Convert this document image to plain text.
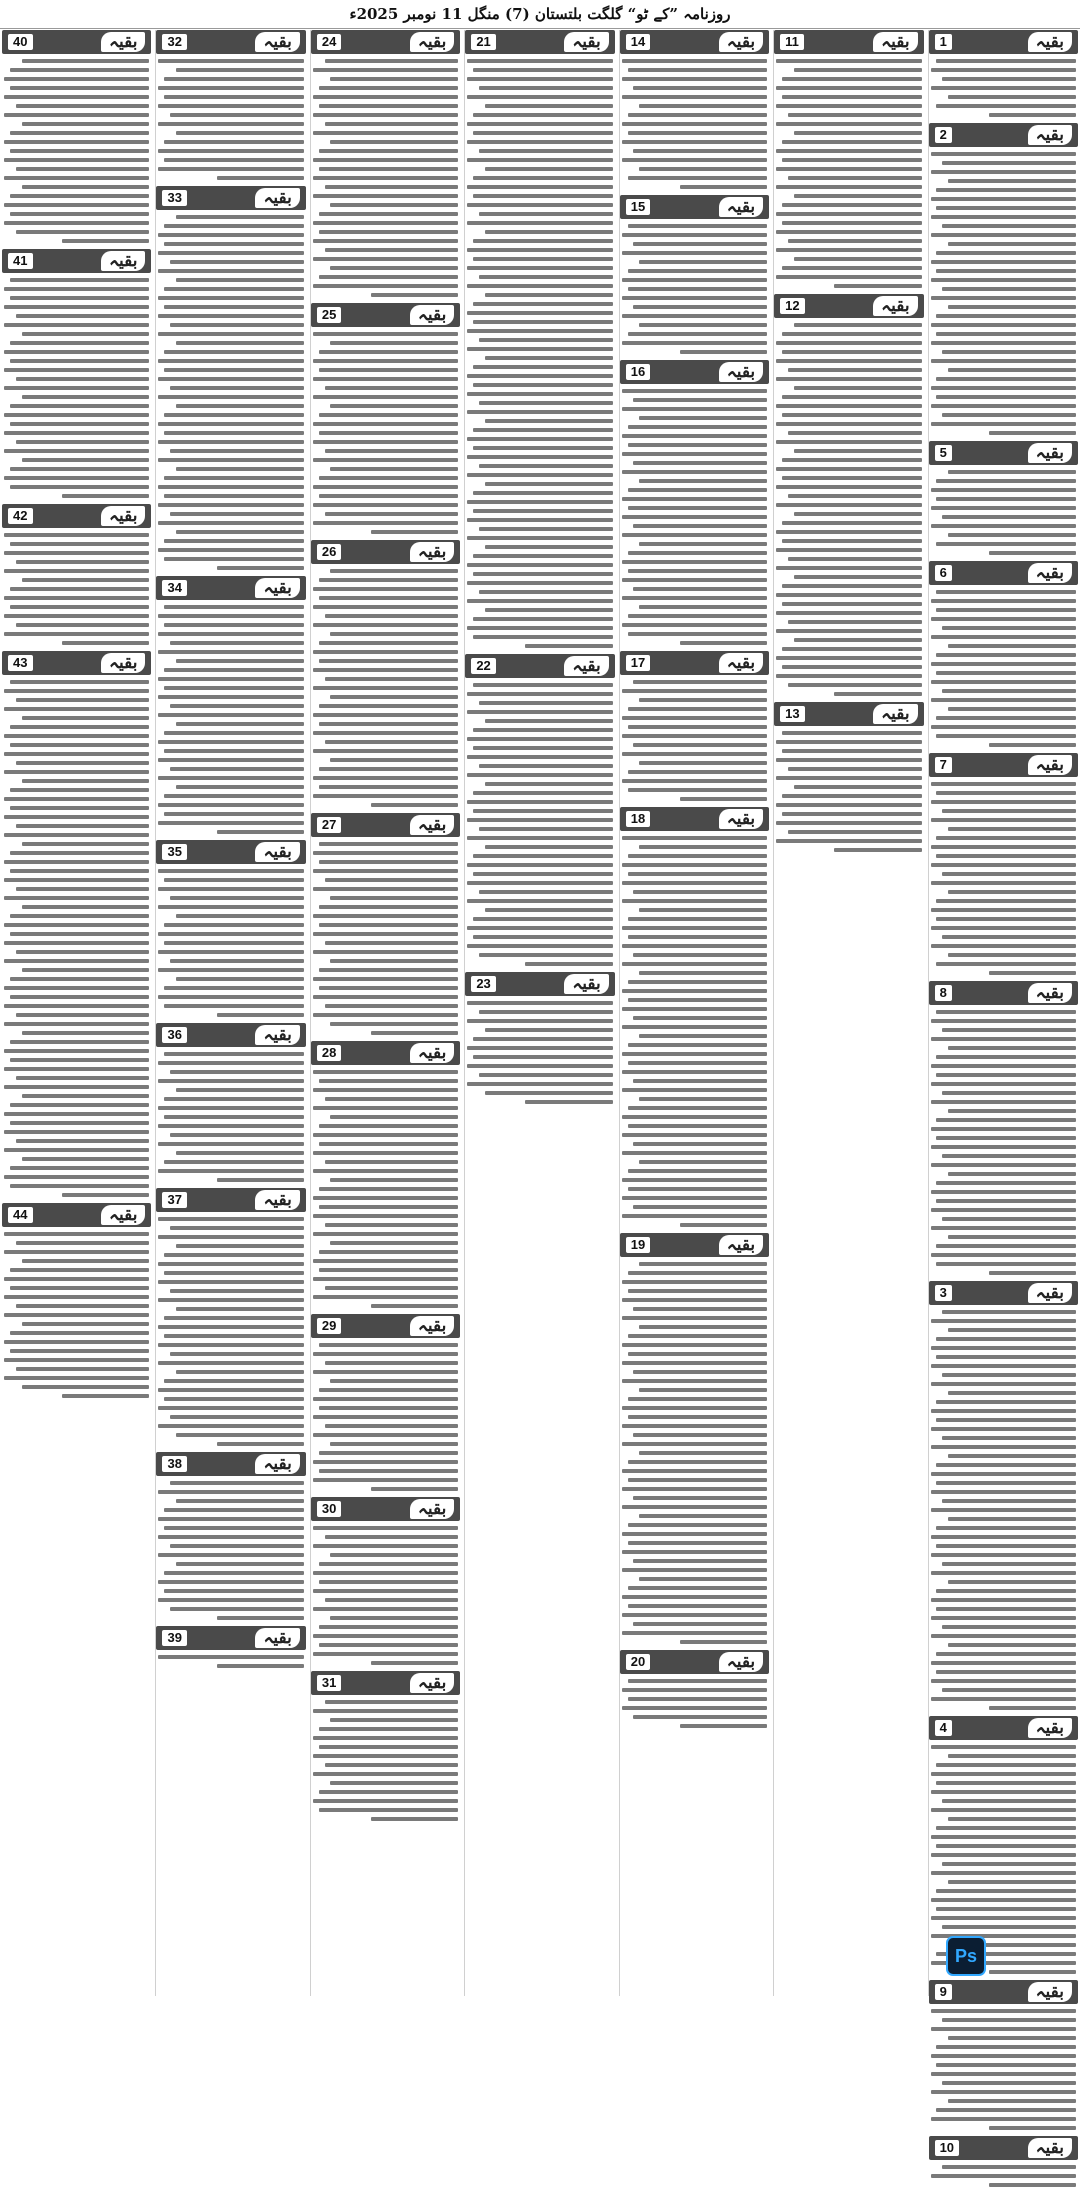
روزنامہ ”کے ٹو“ گلگت بلتستان (7) منگل 11 نومبر 2025ء
بقیہ
1
بقیہ
2
بقیہ
5
بقیہ
6
بقیہ
7
بقیہ
8
بقیہ
3
بقیہ
4
بقیہ
9
بقیہ
10
بقیہ
11
بقیہ
12
بقیہ
13
بقیہ
14
بقیہ
15
بقیہ
16
بقیہ
17
بقیہ
18
بقیہ
19
بقیہ
20
بقیہ
21
بقیہ
22
بقیہ
23
بقیہ
24
بقیہ
25
بقیہ
26
بقیہ
27
بقیہ
28
بقیہ
29
بقیہ
30
بقیہ
31
بقیہ
32
بقیہ
33
بقیہ
34
بقیہ
35
بقیہ
36
بقیہ
37
بقیہ
38
بقیہ
39
بقیہ
40
بقیہ
41
بقیہ
42
بقیہ
43
بقیہ
44
Ps
